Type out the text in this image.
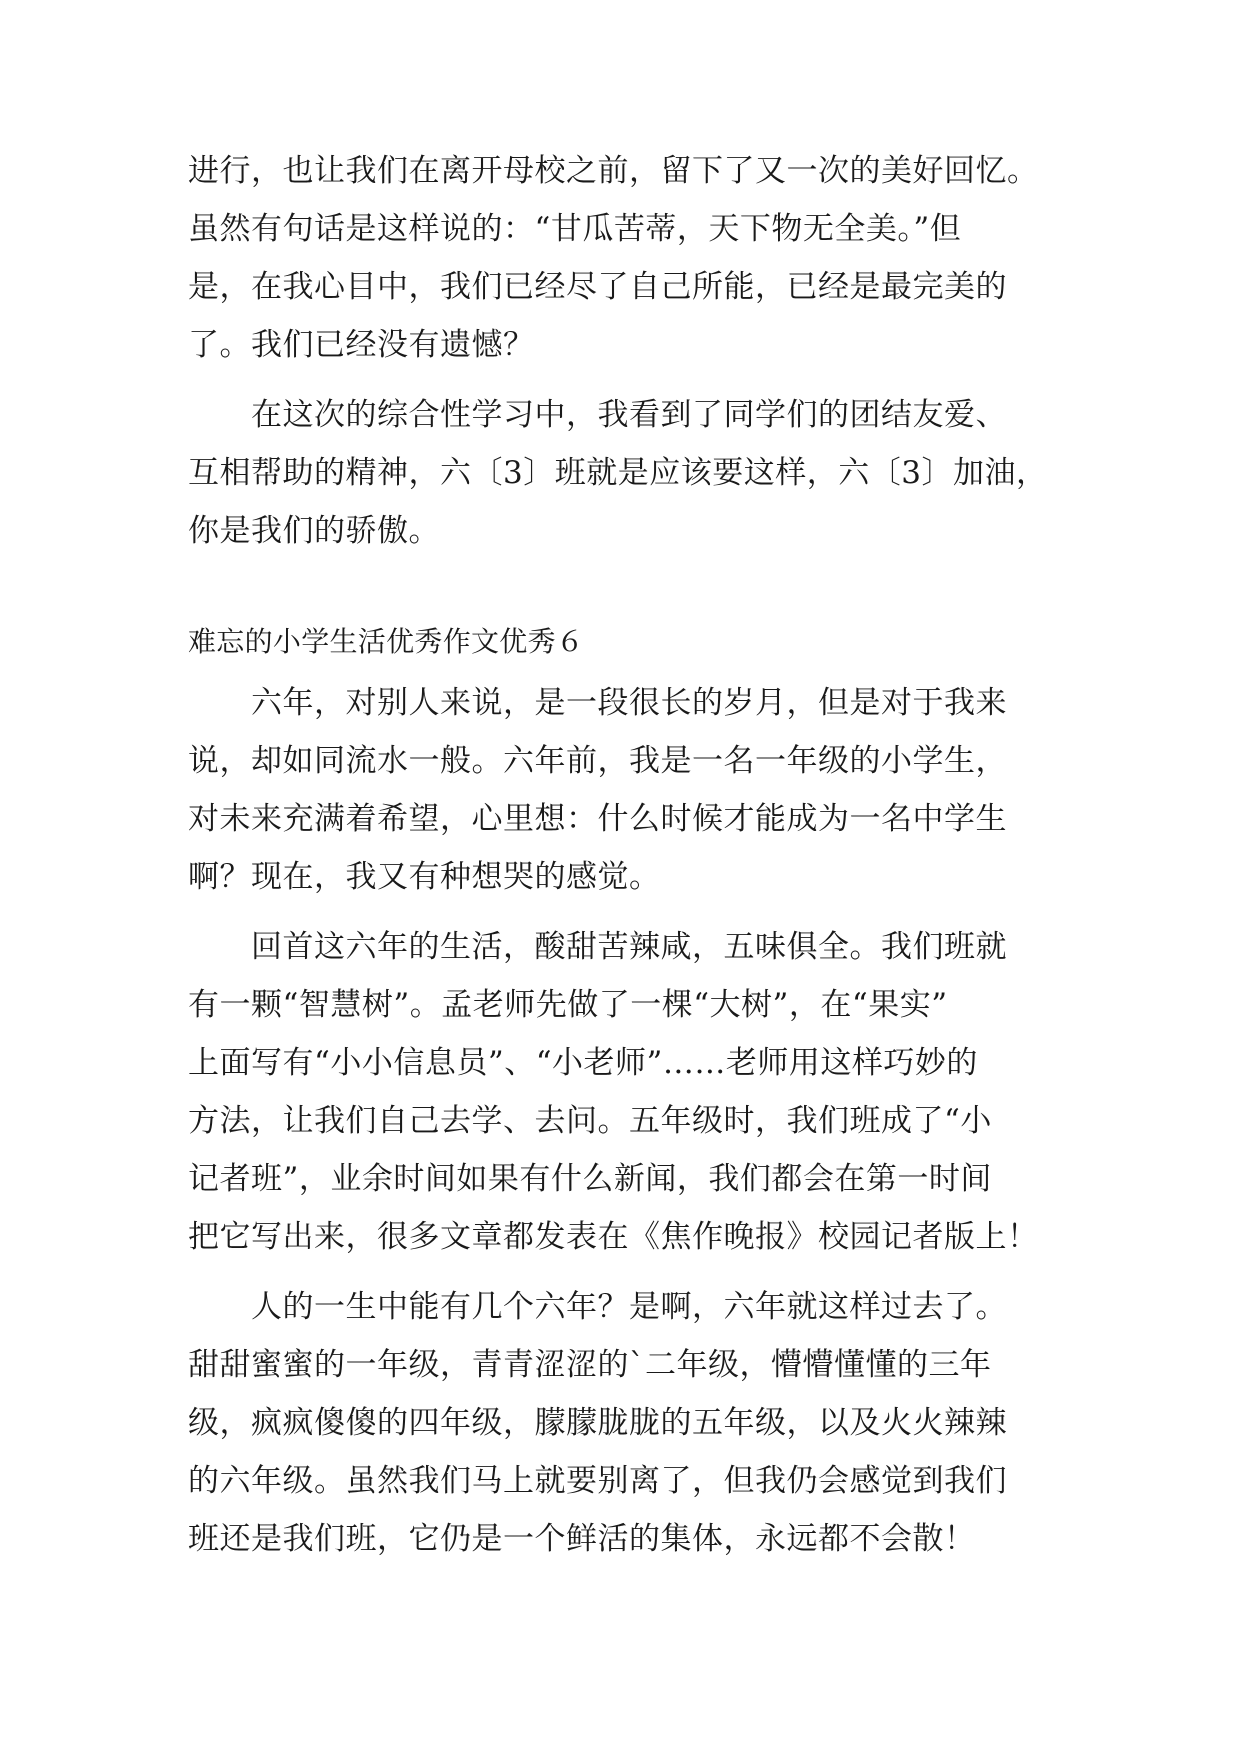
进行，也让我们在离开母校之前，留下了又一次的美好回忆。
虽然有句话是这样说的：“甘瓜苦蒂，天下物无全美。”但
是，在我心目中，我们已经尽了自己所能，已经是最完美的
了。我们已经没有遗憾？
　　在这次的综合性学习中，我看到了同学们的团结友爱、
互相帮助的精神，六〔3〕班就是应该要这样，六〔3〕加油，
你是我们的骄傲。
难忘的小学生活优秀作文优秀６
　　六年，对别人来说，是一段很长的岁月，但是对于我来
说，却如同流水一般。六年前，我是一名一年级的小学生，
对未来充满着希望，心里想：什么时候才能成为一名中学生
啊？现在，我又有种想哭的感觉。
　　回首这六年的生活，酸甜苦辣咸，五味俱全。我们班就
有一颗“智慧树”。孟老师先做了一棵“大树”，在“果实”
上面写有“小小信息员”、“小老师”……老师用这样巧妙的
方法，让我们自己去学、去问。五年级时，我们班成了“小
记者班”，业余时间如果有什么新闻，我们都会在第一时间
把它写出来，很多文章都发表在《焦作晚报》校园记者版上！
　　人的一生中能有几个六年？是啊，六年就这样过去了。
甜甜蜜蜜的一年级，青青涩涩的`二年级，懵懵懂懂的三年
级，疯疯傻傻的四年级，朦朦胧胧的五年级，以及火火辣辣
的六年级。虽然我们马上就要别离了，但我仍会感觉到我们
班还是我们班，它仍是一个鲜活的集体，永远都不会散！
